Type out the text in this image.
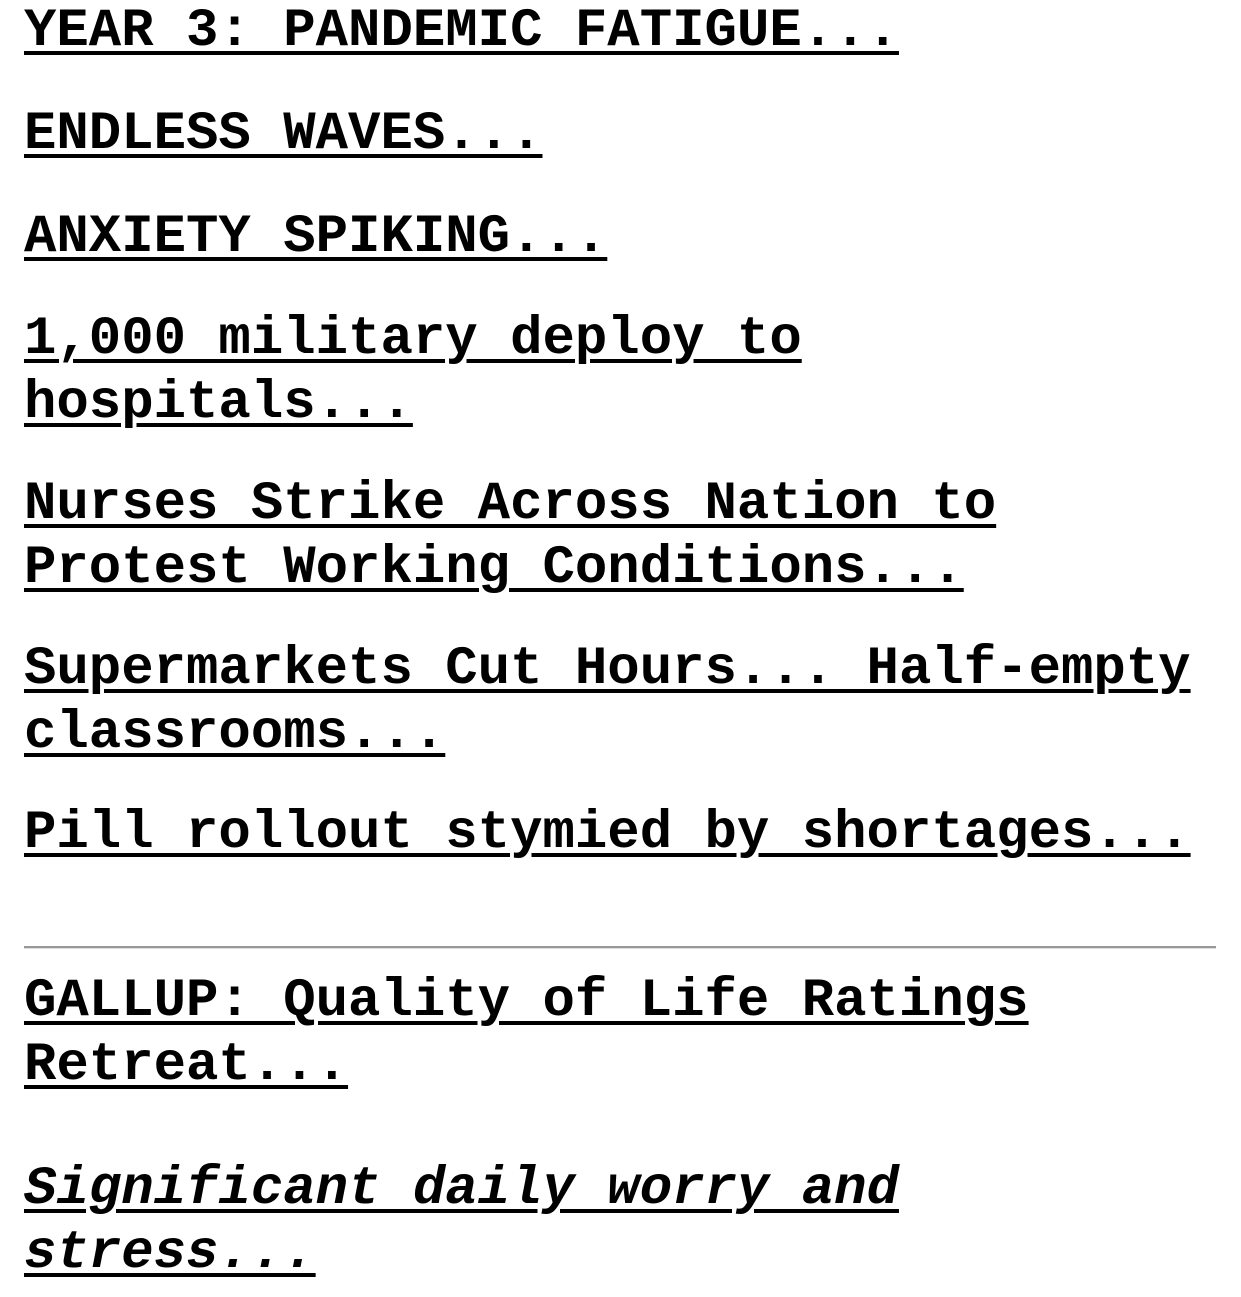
YEAR 3: PANDEMIC FATIGUE...

ENDLESS WAVES...

ANXIETY SPIKING...

1,000 military deploy to hospitals...

Nurses Strike Across Nation to Protest Working Conditions...

Supermarkets Cut Hours... Half-empty classrooms...

Pill rollout stymied by shortages...

GALLUP: Quality of Life Ratings Retreat...

Significant daily worry and stress...
